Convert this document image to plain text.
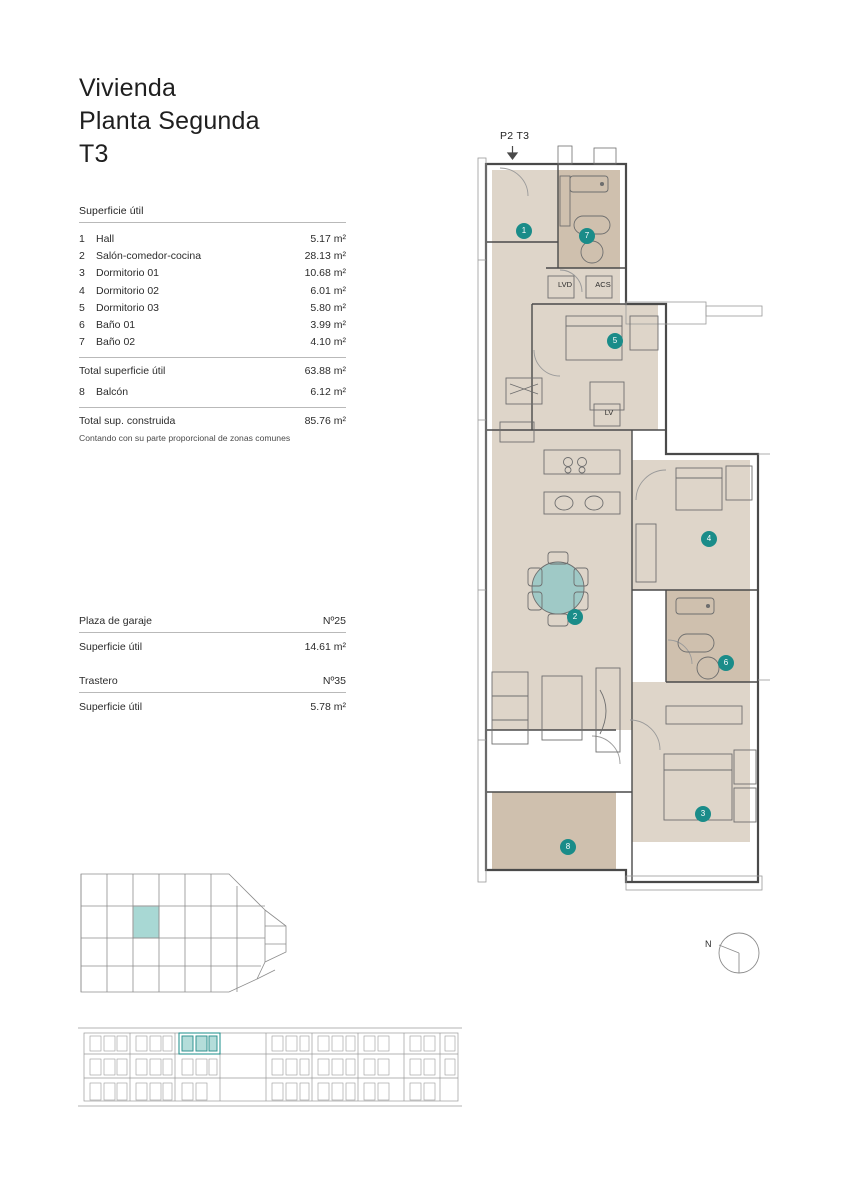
Vivienda
Planta Segunda
T3
Superficie útil
1	Hall	5.17 m²
2	Salón-comedor-cocina	28.13 m²
3	Dormitorio 01	10.68 m²
4	Dormitorio 02	6.01 m²
5	Dormitorio 03	5.80 m²
6	Baño 01	3.99 m²
7	Baño 02	4.10 m²
Total superficie útil	63.88 m²
8	Balcón	6.12 m²
Total sup. construida	85.76 m²
Contando con su parte proporcional de zonas comunes
Plaza de garaje	Nº25
Superficie útil	14.61 m²
Trastero	Nº35
Superficie útil	5.78 m²
P2 T3
1
7
5
4
2
6
3
8
LVD	ACS
LV
N
